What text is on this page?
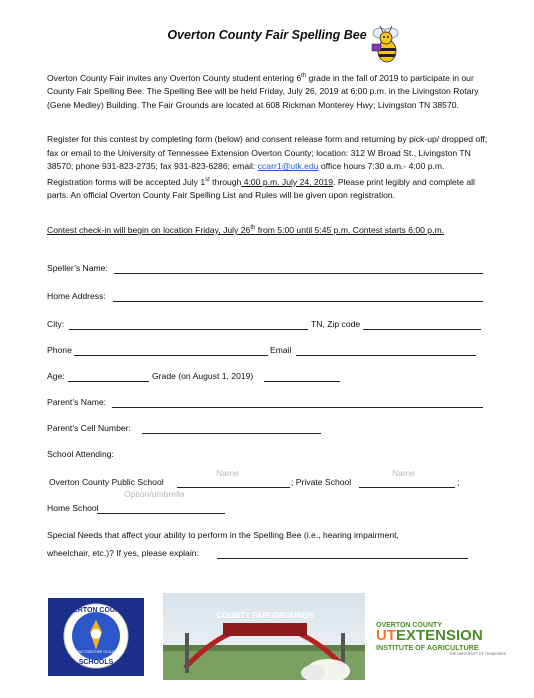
Overton County Fair Spelling Bee
Overton County Fair invites any Overton County student entering 6th grade in the fall of 2019 to participate in our County Fair Spelling Bee. The Spelling Bee will be held Friday, July 26, 2019 at 6:00 p.m. in the Livingston Rotary (Gene Medley) Building. The Fair Grounds are located at 608 Rickman Monterey Hwy; Livingston TN 38570.
Register for this contest by completing form (below) and consent release form and returning by pick-up/ dropped off; fax or email to the University of Tennessee Extension Overton County; location: 312 W Broad St., Livingston TN 38570; phone 931-823-2735; fax 931-823-6286; email: ccarr1@utk.edu office hours 7:30 a.m.- 4:00 p.m. Registration forms will be accepted July 1st through 4:00 p.m. July 24, 2019. Please print legibly and complete all parts. An official Overton County Fair Spelling List and Rules will be given upon registration.
Contest check-in will begin on location Friday, July 26th from 5:00 until 5:45 p.m. Contest starts 6:00 p.m.
Speller’s Name:
Home Address:
City:	TN, Zip code
Phone	Email
Age:	Grade (on August 1, 2019)
Parent’s Name:
Parent’s Cell Number:
School Attending:
Name
Overton County Public School	; Private School
Name
;
Option/umbrella
Home School
Special Needs that affect your ability to perform in the Spelling Bee (i.e., hearing impairment,
wheelchair, etc.)? If yes, please explain:
OVERTON COUNTY
WORKING TOGETHER TO SUCCEED
SCHOOLS
COUNTY FAIR GROUNDS
OVERTON COUNTY
UTEXTENSION
INSTITUTE OF AGRICULTURE
THE UNIVERSITY OF TENNESSEE
